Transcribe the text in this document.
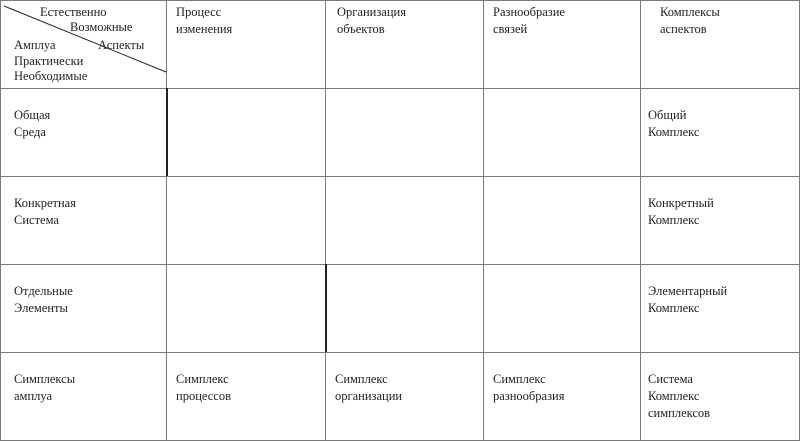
Естественно
Возможные
Амплуа	Аспекты
Практически
Необходимые
Процесс
изменения
Организация
объектов
Разнообразие
связей
Комплексы
аспектов
Общая
Среда
Общий
Комплекс
Конкретная
Система
Конкретный
Комплекс
Отдельные
Элементы
Элементарный
Комплекс
Симплексы
амплуа
Симплекс
процессов
Симплекс
организации
Симплекс
разнообразия
Система
Комплекс
симплексов
